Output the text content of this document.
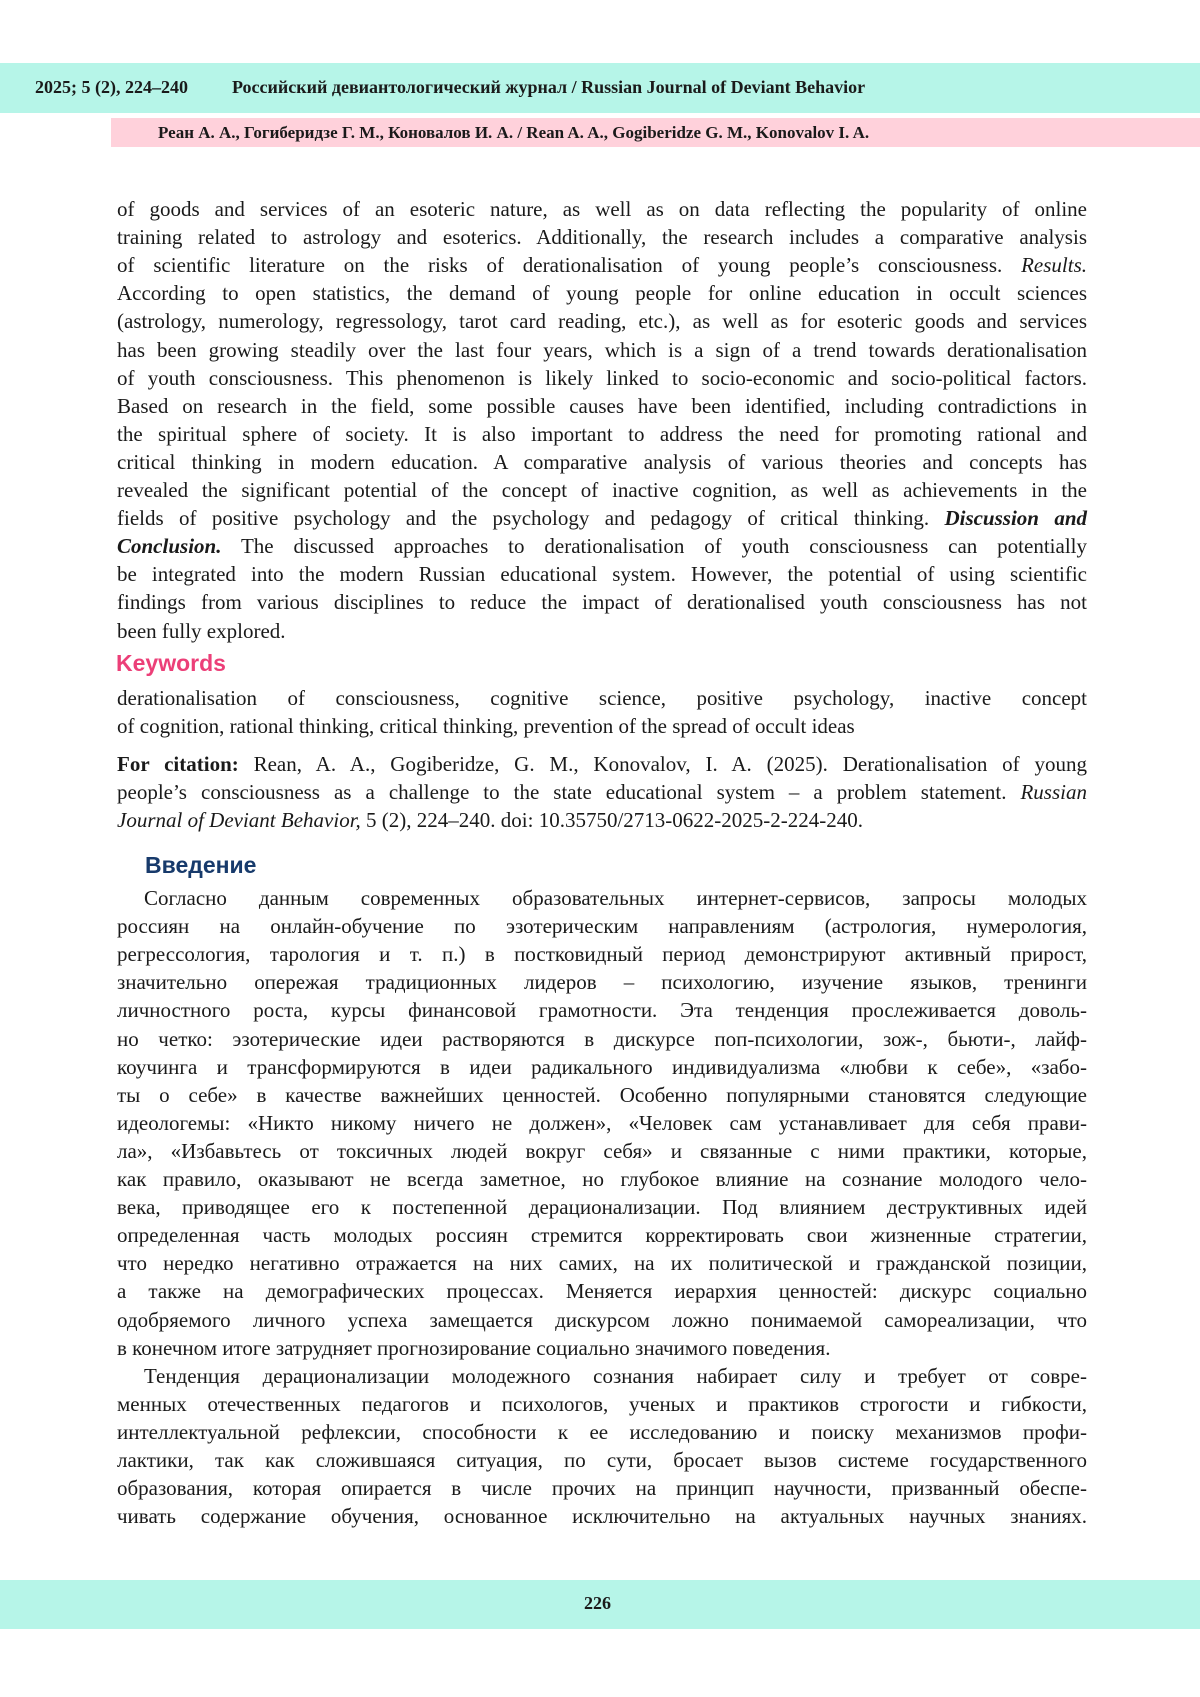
2025; 5 (2), 224–240 Российский девиантологический журнал / Russian Journal of Deviant Behavior
Реан А. А., Гогиберидзе Г. М., Коновалов И. А. / Rean A. A., Gogiberidze G. M., Konovalov I. A.
of goods and services of an esoteric nature, as well as on data reflecting the popularity of online
training related to astrology and esoterics. Additionally, the research includes a comparative analysis
of scientific literature on the risks of derationalisation of young people’s consciousness. Results.
According to open statistics, the demand of young people for online education in occult sciences
(astrology, numerology, regressology, tarot card reading, etc.), as well as for esoteric goods and services
has been growing steadily over the last four years, which is a sign of a trend towards derationalisation
of youth consciousness. This phenomenon is likely linked to socio-economic and socio-political factors.
Based on research in the field, some possible causes have been identified, including contradictions in
the spiritual sphere of society. It is also important to address the need for promoting rational and
critical thinking in modern education. A comparative analysis of various theories and concepts has
revealed the significant potential of the concept of inactive cognition, as well as achievements in the
fields of positive psychology and the psychology and pedagogy of critical thinking. Discussion and
Conclusion. The discussed approaches to derationalisation of youth consciousness can potentially
be integrated into the modern Russian educational system. However, the potential of using scientific
findings from various disciplines to reduce the impact of derationalised youth consciousness has not
been fully explored.
Keywords
derationalisation of consciousness, cognitive science, positive psychology, inactive concept
of cognition, rational thinking, critical thinking, prevention of the spread of occult ideas
For citation: Rean, A. A., Gogiberidze, G. M., Konovalov, I. A. (2025). Derationalisation of young
people’s consciousness as a challenge to the state educational system – a problem statement. Russian
Journal of Deviant Behavior, 5 (2), 224–240. doi: 10.35750/2713-0622-2025-2-224-240.
Введение
Согласно данным современных образовательных интернет-сервисов, запросы молодых
россиян на онлайн-обучение по эзотерическим направлениям (астрология, нумерология,
регрессология, тарология и т. п.) в постковидный период демонстрируют активный прирост,
значительно опережая традиционных лидеров – психологию, изучение языков, тренинги
личностного роста, курсы финансовой грамотности. Эта тенденция прослеживается доволь-
но четко: эзотерические идеи растворяются в дискурсе поп-психологии, зож-, бьюти-, лайф-
коучинга и трансформируются в идеи радикального индивидуализма «любви к себе», «забо-
ты о себе» в качестве важнейших ценностей. Особенно популярными становятся следующие
идеологемы: «Никто никому ничего не должен», «Человек сам устанавливает для себя прави-
ла», «Избавьтесь от токсичных людей вокруг себя» и связанные с ними практики, которые,
как правило, оказывают не всегда заметное, но глубокое влияние на сознание молодого чело-
века, приводящее его к постепенной дерационализации. Под влиянием деструктивных идей
определенная часть молодых россиян стремится корректировать свои жизненные стратегии,
что нередко негативно отражается на них самих, на их политической и гражданской позиции,
а также на демографических процессах. Меняется иерархия ценностей: дискурс социально
одобряемого личного успеха замещается дискурсом ложно понимаемой самореализации, что
в конечном итоге затрудняет прогнозирование социально значимого поведения.
Тенденция дерационализации молодежного сознания набирает силу и требует от совре-
менных отечественных педагогов и психологов, ученых и практиков строгости и гибкости,
интеллектуальной рефлексии, способности к ее исследованию и поиску механизмов профи-
лактики, так как сложившаяся ситуация, по сути, бросает вызов системе государственного
образования, которая опирается в числе прочих на принцип научности, призванный обеспе-
чивать содержание обучения, основанное исключительно на актуальных научных знаниях.
226
